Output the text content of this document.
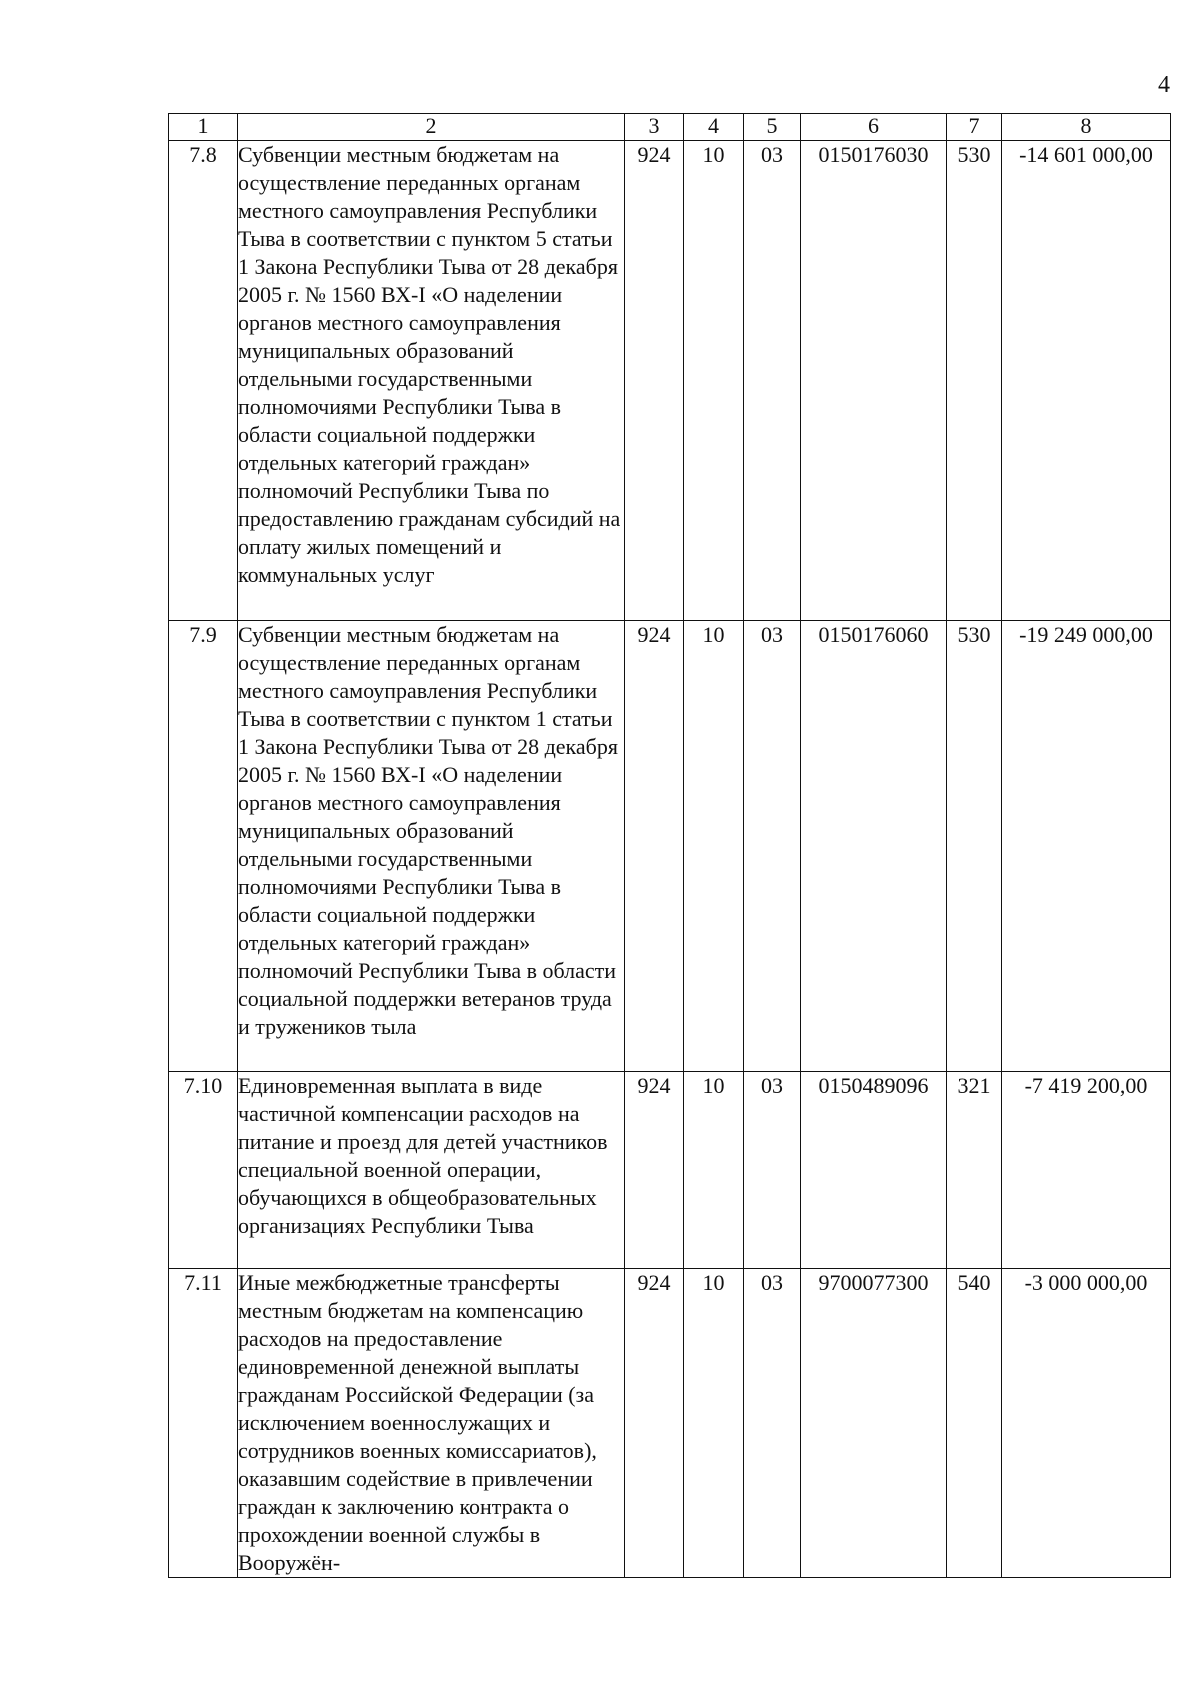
4
1	2	3	4	5	6	7	8
7.8	Субвенции местным бюджетам на осуществление переданных органам местного самоуправления Республики Тыва в соответствии с пунктом 5 статьи 1 Закона Республики Тыва от 28 декабря 2005 г. № 1560 ВХ-I «О наделении органов местного самоуправления муниципальных образований отдельными государственными полномочиями Республики Тыва в области социальной поддержки отдельных категорий граждан» полномочий Республики Тыва по предоставлению гражданам субсидий на оплату жилых помещений и коммунальных услуг	924	10	03	0150176030	530	-14 601 000,00
7.9	Субвенции местным бюджетам на осуществление переданных органам местного самоуправления Республики Тыва в соответствии с пунктом 1 статьи 1 Закона Республики Тыва от 28 декабря 2005 г. № 1560 ВХ-I «О наделении органов местного самоуправления муниципальных образований отдельными государственными полномочиями Республики Тыва в области социальной поддержки отдельных категорий граждан» полномочий Республики Тыва в области социальной поддержки ветеранов труда и тружеников тыла	924	10	03	0150176060	530	-19 249 000,00
7.10	Единовременная выплата в виде частичной компенсации расходов на питание и проезд для детей участников специальной военной операции, обучающихся в общеобразовательных организациях Республики Тыва	924	10	03	0150489096	321	-7 419 200,00
7.11	Иные межбюджетные трансферты местным бюджетам на компенсацию расходов на предоставление единовременной денежной выплаты гражданам Российской Федерации (за исключением военнослужащих и сотрудников военных комиссариатов), оказавшим содействие в привлечении граждан к заключению контракта о прохождении военной службы в Вооружён-	924	10	03	9700077300	540	-3 000 000,00
